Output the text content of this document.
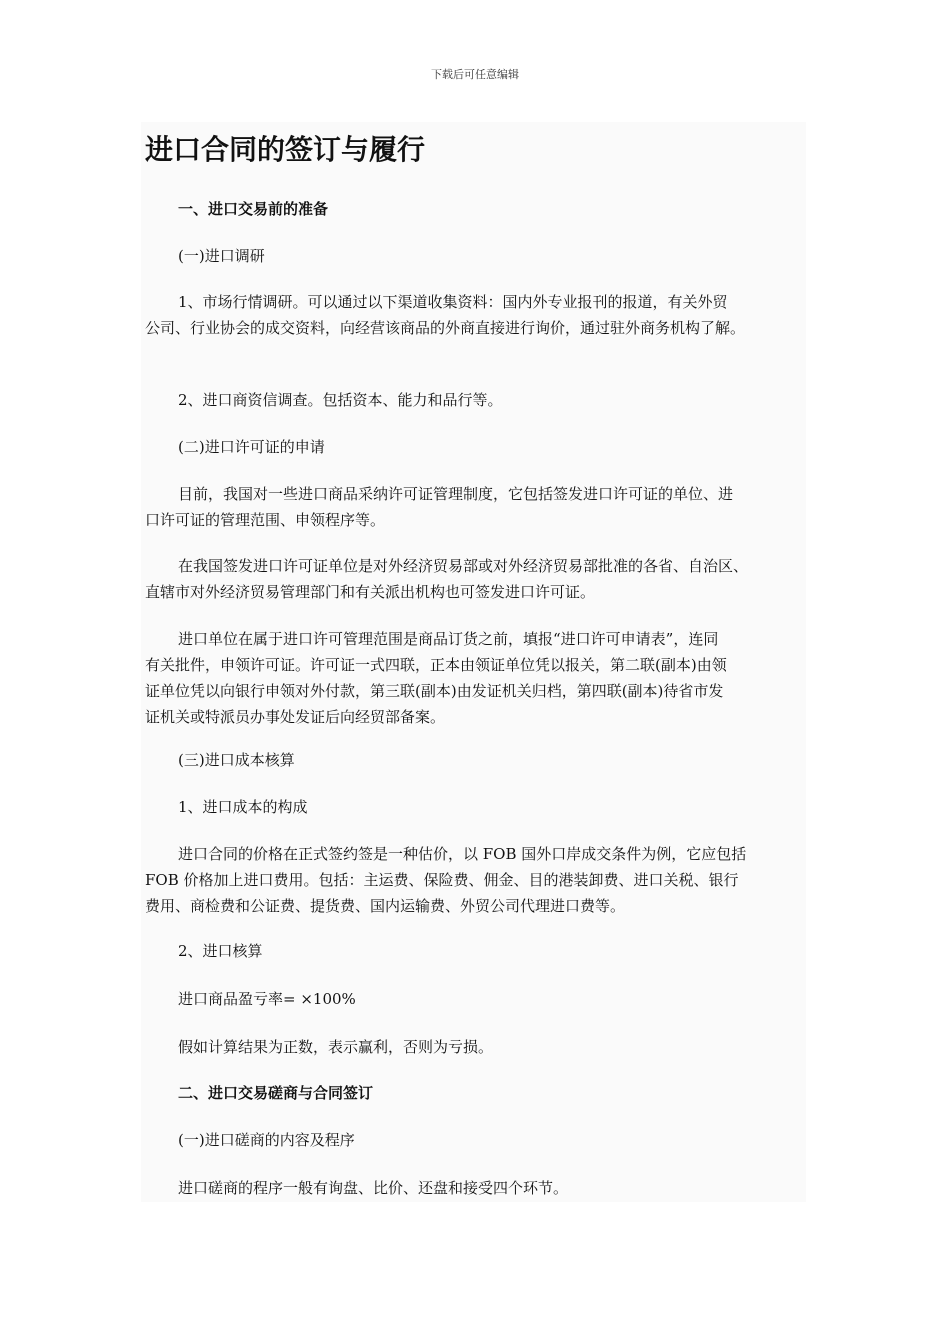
下载后可任意编辑
进口合同的签订与履行

一、进口交易前的准备

(一)进口调研

1、市场行情调研。可以通过以下渠道收集资料：国内外专业报刊的报道，有关外贸
公司、行业协会的成交资料，向经营该商品的外商直接进行询价，通过驻外商务机构了解。

2、进口商资信调查。包括资本、能力和品行等。

(二)进口许可证的申请

目前，我国对一些进口商品采纳许可证管理制度，它包括签发进口许可证的单位、进
口许可证的管理范围、申领程序等。

在我国签发进口许可证单位是对外经济贸易部或对外经济贸易部批准的各省、自治区、
直辖市对外经济贸易管理部门和有关派出机构也可签发进口许可证。

进口单位在属于进口许可管理范围是商品订货之前，填报“进口许可申请表”，连同
有关批件，申领许可证。许可证一式四联，正本由领证单位凭以报关，第二联(副本)由领
证单位凭以向银行申领对外付款，第三联(副本)由发证机关归档，第四联(副本)待省市发
证机关或特派员办事处发证后向经贸部备案。

(三)进口成本核算

1、进口成本的构成

进口合同的价格在正式签约签是一种估价，以 FOB 国外口岸成交条件为例，它应包括
FOB 价格加上进口费用。包括：主运费、保险费、佣金、目的港装卸费、进口关税、银行
费用、商检费和公证费、提货费、国内运输费、外贸公司代理进口费等。

2、进口核算

进口商品盈亏率= ×100%

假如计算结果为正数，表示赢利，否则为亏损。

二、进口交易磋商与合同签订

(一)进口磋商的内容及程序

进口磋商的程序一般有询盘、比价、还盘和接受四个环节。
